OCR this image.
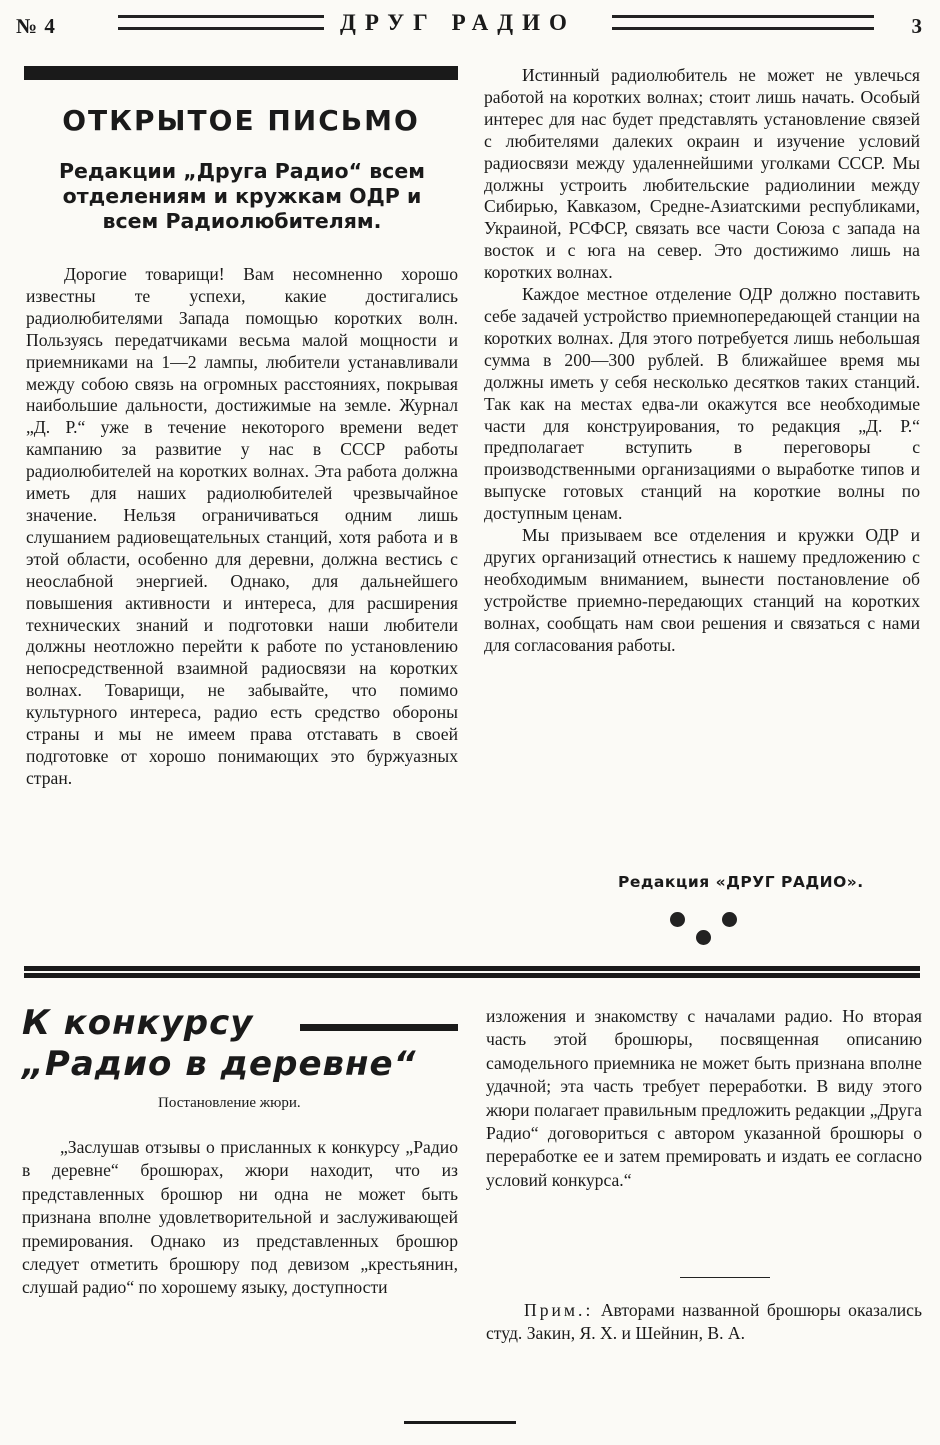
№ 4	ДРУГ РАДИО	3
ОТКРЫТОЕ ПИСЬМО
Редакции „Друга Радио“ всем отделениям и кружкам ОДР и всем Радиолюбителям.

Дорогие товарищи! Вам несомненно хорошо известны те успехи, какие достигались радиолюбителями Запада помощью коротких волн. Пользуясь передатчиками весьма малой мощности и приемниками на 1—2 лампы, любители устанавливали между собою связь на огромных расстояниях, покрывая наибольшие дальности, достижимые на земле. Журнал „Д. Р.“ уже в течение некоторого времени ведет кампанию за развитие у нас в СССР работы радиолюбителей на коротких волнах. Эта работа должна иметь для наших радиолюбителей чрезвычайное значение. Нельзя ограничиваться одним лишь слушанием радиовещательных станций, хотя работа и в этой области, особенно для деревни, должна вестись с неослабной энергией. Однако, для дальнейшего повышения активности и интереса, для расширения технических знаний и подготовки наши любители должны неотложно перейти к работе по установлению непосредственной взаимной радиосвязи на коротких волнах. Товарищи, не забывайте, что помимо культурного интереса, радио есть средство обороны страны и мы не имеем права отставать в своей подготовке от хорошо понимающих это буржуазных стран.

Истинный радиолюбитель не может не увлечься работой на коротких волнах; стоит лишь начать. Особый интерес для нас будет представлять установление связей с любителями далеких окраин и изучение условий радиосвязи между удаленнейшими уголками СССР. Мы должны устроить любительские радиолинии между Сибирью, Кавказом, Средне-Азиатскими республиками, Украиной, РСФСР, связать все части Союза с запада на восток и с юга на север. Это достижимо лишь на коротких волнах.

Каждое местное отделение ОДР должно поставить себе задачей устройство приемнопередающей станции на коротких волнах. Для этого потребуется лишь небольшая сумма в 200—300 рублей. В ближайшее время мы должны иметь у себя несколько десятков таких станций. Так как на местах едва-ли окажутся все необходимые части для конструирования, то редакция „Д. Р.“ предполагает вступить в переговоры с производственными организациями о выработке типов и выпуске готовых станций на короткие волны по доступным ценам.

Мы призываем все отделения и кружки ОДР и других организаций отнестись к нашему предложению с необходимым вниманием, вынести постановление об устройстве приемно-передающих станций на коротких волнах, сообщать нам свои решения и связаться с нами для согласования работы.

Редакция «ДРУГ РАДИО».
К конкурсу
„Радио в деревне“
Постановление жюри.

„Заслушав отзывы о присланных к конкурсу „Радио в деревне“ брошюрах, жюри находит, что из представленных брошюр ни одна не может быть признана вполне удовлетворительной и заслуживающей премирования. Однако из представленных брошюр следует отметить брошюру под девизом „крестьянин, слушай радио“ по хорошему языку, доступности

изложения и знакомству с началами радио. Но вторая часть этой брошюры, посвященная описанию самодельного приемника не может быть признана вполне удачной; эта часть требует переработки. В виду этого жюри полагает правильным предложить редакции „Друга Радио“ договориться с автором указанной брошюры о переработке ее и затем премировать и издать ее согласно условий конкурса.“

Прим.: Авторами названной брошюры оказались студ. Закин, Я. Х. и Шейнин, В. А.
